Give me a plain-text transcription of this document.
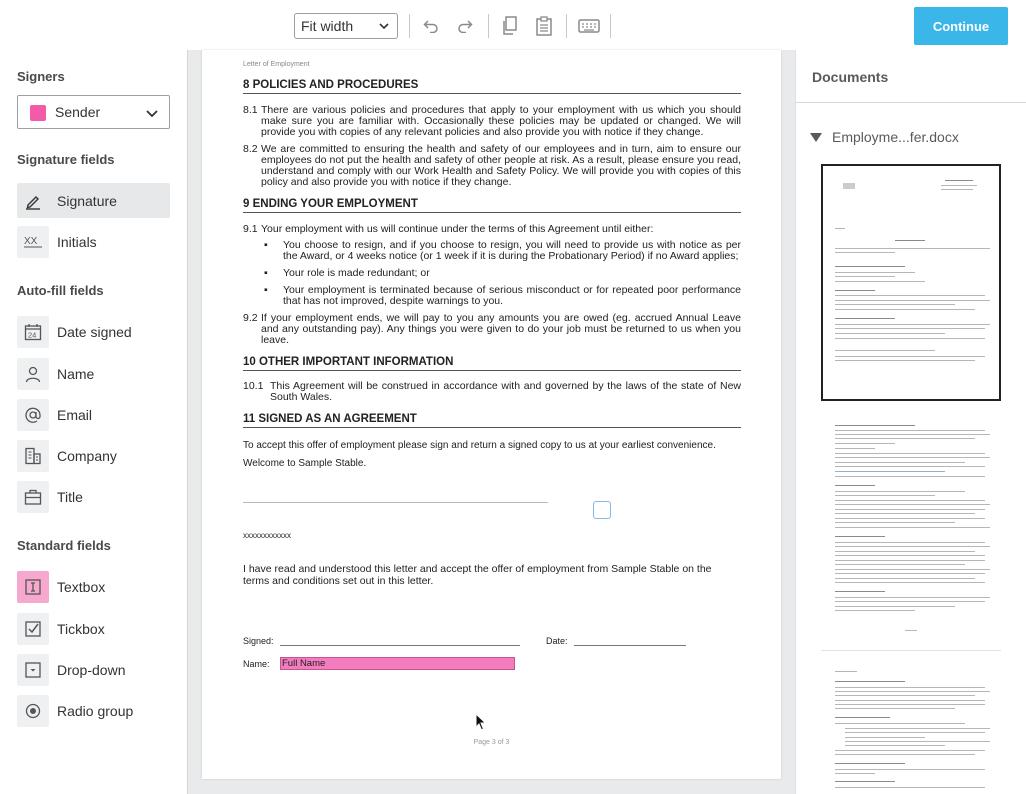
Fit width	Continue
Signers
Sender
Signature fields
Signature
XX Initials
Auto-fill fields
24 Date signed
Name
Email
Company
Title
Standard fields
Textbox
Tickbox
Drop-down
Radio group
Letter of Employment
8 POLICIES AND PROCEDURES
8.1 There are various policies and procedures that apply to your employment with us which you should make sure you are familiar with. Occasionally these policies may be updated or changed. We will provide you with copies of any relevant policies and also provide you with notice if they change.
8.2 We are committed to ensuring the health and safety of our employees and in turn, aim to ensure our employees do not put the health and safety of other people at risk. As a result, please ensure you read, understand and comply with our Work Health and Safety Policy. We will provide you with copies of this policy and also provide you with notice if they change.
9 ENDING YOUR EMPLOYMENT
9.1 Your employment with us will continue under the terms of this Agreement until either:
▪	You choose to resign, and if you choose to resign, you will need to provide us with notice as per the Award, or 4 weeks notice (or 1 week if it is during the Probationary Period) if no Award applies;
▪	Your role is made redundant; or
▪	Your employment is terminated because of serious misconduct or for repeated poor performance that has not improved, despite warnings to you.
9.2 If your employment ends, we will pay to you any amounts you are owed (eg. accrued Annual Leave and any outstanding pay). Any things you were given to do your job must be returned to us when you leave.
10 OTHER IMPORTANT INFORMATION
10.1 This Agreement will be construed in accordance with and governed by the laws of the state of New South Wales.
11 SIGNED AS AN AGREEMENT
To accept this offer of employment please sign and return a signed copy to us at your earliest convenience.
Welcome to Sample Stable.
xxxxxxxxxxxx
I have read and understood this letter and accept the offer of employment from Sample Stable on the terms and conditions set out in this letter.
Signed:	Date:
Name: Full Name
Page 3 of 3
Documents
Employme...fer.docx
